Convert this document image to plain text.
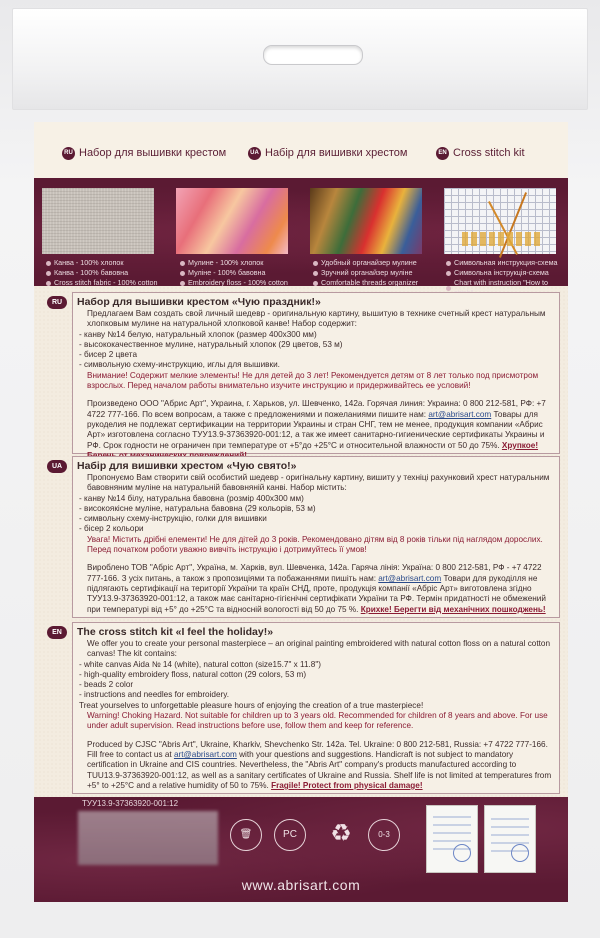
RU Набор для вышивки крестом	UA Набір для вишивки хрестом	EN Cross stitch kit
Канва - 100% хлопок
Канва - 100% бавовна
Cross stitch fabric - 100% cotton
Мулине - 100% хлопок
Муліне - 100% бавовна
Embroidery floss - 100% cotton
Удобный органайзер мулине
Зручний органайзер муліне
Comfortable threads organizer
Символьная инструкция-схема
Символьна інструкція-схема
Chart with instruction "How to
RU	Набор для вышивки крестом «Чую праздник!»

Предлагаем Вам создать свой личный шедевр - оригинальную картину, вышитую в технике счетный крест натуральным хлопковым мулине на натуральной хлопковой канве! Набор содержит:

- канву №14 белую, натуральный хлопок (размер 400х300 мм)

- высококачественное мулине, натуральный хлопок (29 цветов, 53 м)

- бисер 2 цвета

- символьную схему-инструкцию, иглы для вышивки.

Внимание! Содержит мелкие элементы! Не для детей до 3 лет! Рекомендуется детям от 8 лет только под присмотром взрослых. Перед началом работы внимательно изучите инструкцию и придерживайтесь ее условий!

Произведено ООО "Абрис Арт", Украина, г. Харьков, ул. Шевченко, 142а. Горячая линия: Украина: 0 800 212-581, РФ: +7 4722 777-166. По всем вопросам, а также с предложениями и пожеланиями пишите нам: art@abrisart.com Товары для рукоделия не подлежат сертификации на территории Украины и стран СНГ, тем не менее, продукция компании «Абрис Арт» изготовлена согласно ТУУ13.9-37363920-001:12, а так же имеет санитарно-гигиенические сертификаты Украины и РФ. Срок годности не ограничен при температуре от +5°до +25°С и относительной влажности от 50 до 75%. Хрупкое!

UA	Набір для вишивки хрестом «Чую свято!»

Пропонуємо Вам створити свій особистий шедевр - оригінальну картину, вишиту у техніці рахунковий хрест натуральним бавовняним муліне на натуральній бавовняній канві. Набор містить:

- канву №14 білу, натуральна бавовна (розмір 400х300 мм)

- високоякісне муліне, натуральна бавовна (29 кольорів, 53 м)

- символьну схему-інструкцію, голки для вишивки

- бісер 2 кольори

Увага! Містить дрібні елементи! Не для дітей до 3 років. Рекомендовано дітям від 8 років тільки під наглядом дорослих. Перед початком роботи уважно вивчіть інструкцію і дотримуйтесь її умов!

Вироблено ТОВ "Абріс Арт", Україна, м. Харків, вул. Шевченка, 142а. Гаряча лінія: Україна: 0 800 212-581, РФ - +7 4722 777-166. З усіх питань, а також з пропозиціями та побажаннями пишіть нам: art@abrisart.com Товари для рукоділля не підлягають сертифікації на території України та країн СНД, проте, продукція компанії «Абріс Арт» виготовлена згідно ТУУ13.9-37363920-001:12, а також має санітарно-гігієнічні сертифікати України та РФ. Термін придатності не обмежений при температурі від +5° до +25°С та відносній вологості від 50 до 75 %. Крихке! Берегти від механічних пошкоджень!

EN	The cross stitch kit «I feel the holiday!»

We offer you to create your personal masterpiece – an original painting embroidered with natural cotton floss on a natural cotton canvas! The kit contains:

- white canvas Aida № 14 (white), natural cotton (size15.7" x 11.8")

- high-quality embroidery floss, natural cotton (29 colors, 53 m)

- beads 2 color

- instructions and needles for embroidery.

Treat yourselves to unforgettable pleasure hours of enjoying the creation of a true masterpiece!

Warning! Choking Hazard. Not suitable for children up to 3 years old. Recommended for children of 8 years and above. For use under adult supervision. Read instructions before use, follow them and keep for reference.

Produced by CJSC "Abris Art", Ukraine, Kharkiv, Shevchenko Str. 142a. Tel. Ukraine: 0 800 212-581, Russia: +7 4722 777-166. Fill free to contact us at art@abrisart.com with your questions and suggestions. Handicraft is not subject to mandatory certification in Ukraine and CIS countries. Nevertheless, the "Abris Art" company's products manufactured according to TUU13.9-37363920-001:12, as well as a sanitary certificates of Ukraine and Russia. Shelf life is not limited at temperatures from +5° to +25°C and a relative humidity of 50 to 75%. Fragile! Protect from physical damage!

ТУУ13.9-37363920-001:12
🗑	PC	♻	0-3
www.abrisart.com
